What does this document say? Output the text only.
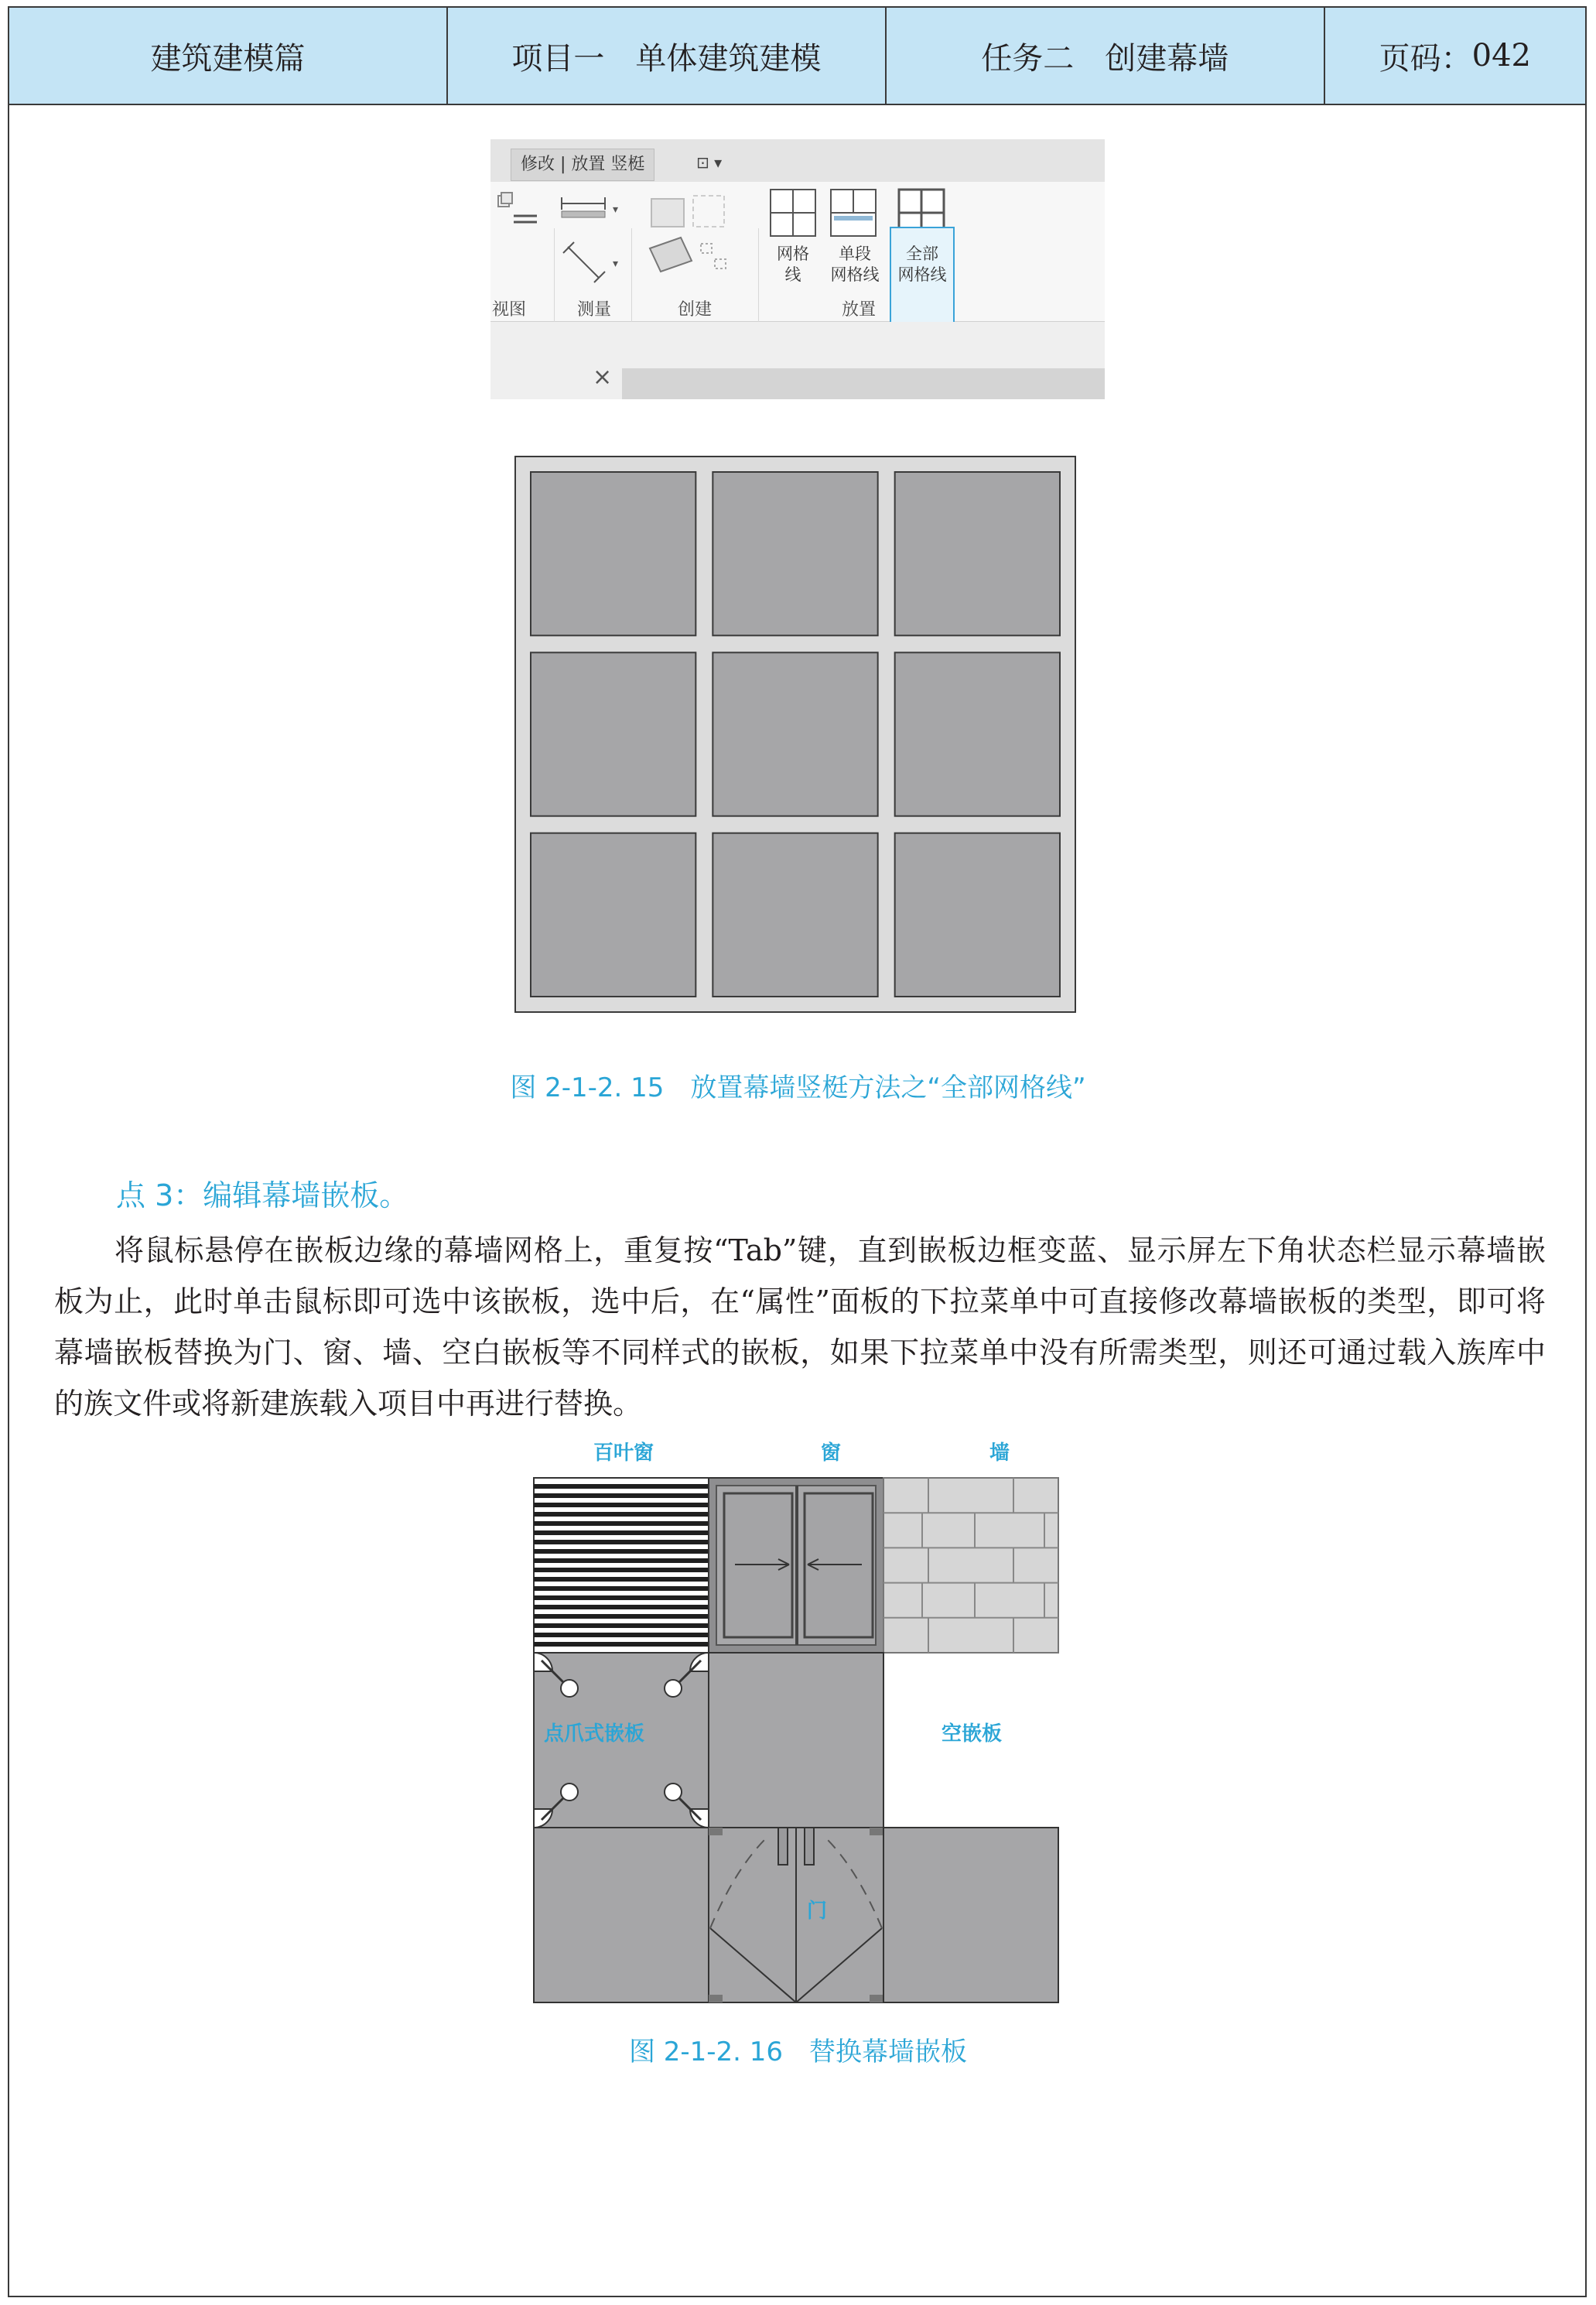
建筑建模篇	项目一　单体建筑建模	任务二　创建幕墙	页码： 042
修改 | 放置 竖梃	⊡ ▾
▾
▾
网格
线
单段
网格线
全部
网格线
视图	测量	创建	放置
×
图 2-1-2. 15　放置幕墙竖梃方法之“全部网格线”
点 3：编辑幕墙嵌板。
将鼠标悬停在嵌板边缘的幕墙网格上，重复按“Tab”键，直到嵌板边框变蓝、显示屏左下角状态栏显示幕墙嵌板为止，此时单击鼠标即可选中该嵌板，选中后，在“属性”面板的下拉菜单中可直接修改幕墙嵌板的类型，即可将幕墙嵌板替换为门、窗、墙、空白嵌板等不同样式的嵌板，如果下拉菜单中没有所需类型，则还可通过载入族库中的族文件或将新建族载入项目中再进行替换。
百叶窗	窗	墙
点爪式嵌板	空嵌板
门
图 2-1-2. 16　替换幕墙嵌板
